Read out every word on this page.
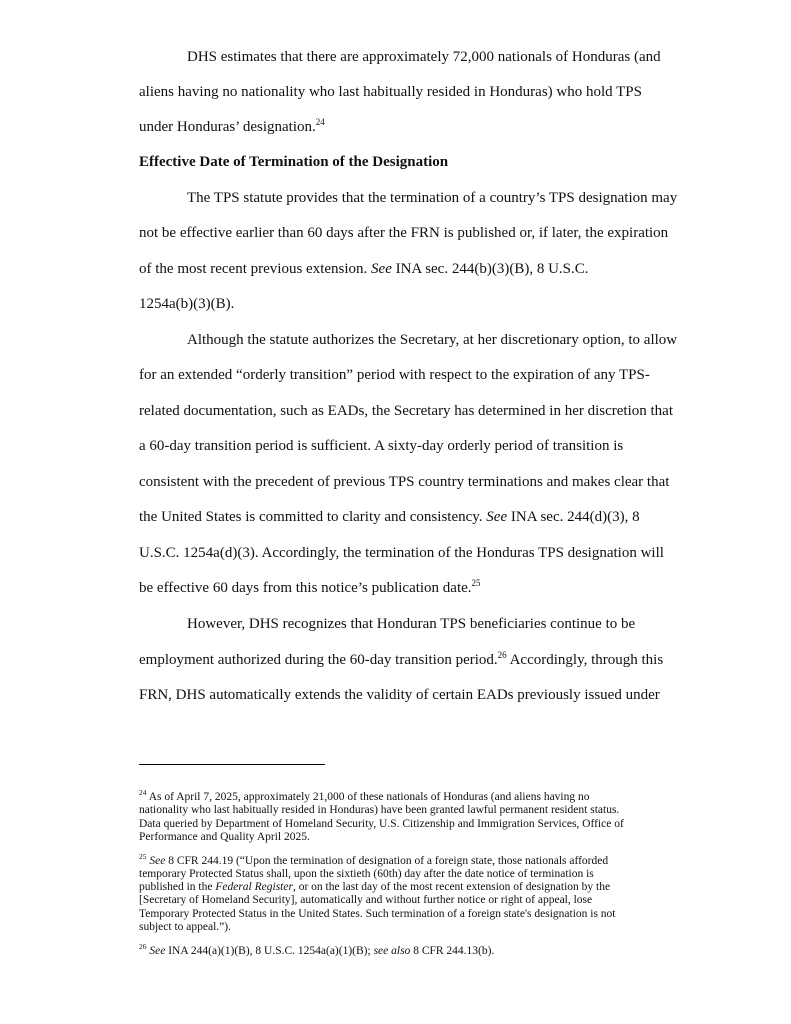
DHS estimates that there are approximately 72,000 nationals of Honduras (and
aliens having no nationality who last habitually resided in Honduras) who hold TPS
under Honduras’ designation.$^{24}$
Effective Date of Termination of the Designation
The TPS statute provides that the termination of a country’s TPS designation may
not be effective earlier than 60 days after the FRN is published or, if later, the expiration
of the most recent previous extension. See INA sec. 244(b)(3)(B), 8 U.S.C.
1254a(b)(3)(B).
Although the statute authorizes the Secretary, at her discretionary option, to allow
for an extended “orderly transition” period with respect to the expiration of any TPS-
related documentation, such as EADs, the Secretary has determined in her discretion that
a 60-day transition period is sufficient. A sixty-day orderly period of transition is
consistent with the precedent of previous TPS country terminations and makes clear that
the United States is committed to clarity and consistency. See INA sec. 244(d)(3), 8
U.S.C. 1254a(d)(3). Accordingly, the termination of the Honduras TPS designation will
be effective 60 days from this notice’s publication date.$^{25}$
However, DHS recognizes that Honduran TPS beneficiaries continue to be
employment authorized during the 60-day transition period.$^{26}$ Accordingly, through this
FRN, DHS automatically extends the validity of certain EADs previously issued under
$^{24}$ As of April 7, 2025, approximately 21,000 of these nationals of Honduras (and aliens having no
nationality who last habitually resided in Honduras) have been granted lawful permanent resident status.
Data queried by Department of Homeland Security, U.S. Citizenship and Immigration Services, Office of
Performance and Quality April 2025.
$^{25}$ See 8 CFR 244.19 (“Upon the termination of designation of a foreign state, those nationals afforded
temporary Protected Status shall, upon the sixtieth (60th) day after the date notice of termination is
published in the Federal Register, or on the last day of the most recent extension of designation by the
[Secretary of Homeland Security], automatically and without further notice or right of appeal, lose
Temporary Protected Status in the United States. Such termination of a foreign state's designation is not
subject to appeal.”).
$^{26}$ See INA 244(a)(1)(B), 8 U.S.C. 1254a(a)(1)(B); see also 8 CFR 244.13(b).
